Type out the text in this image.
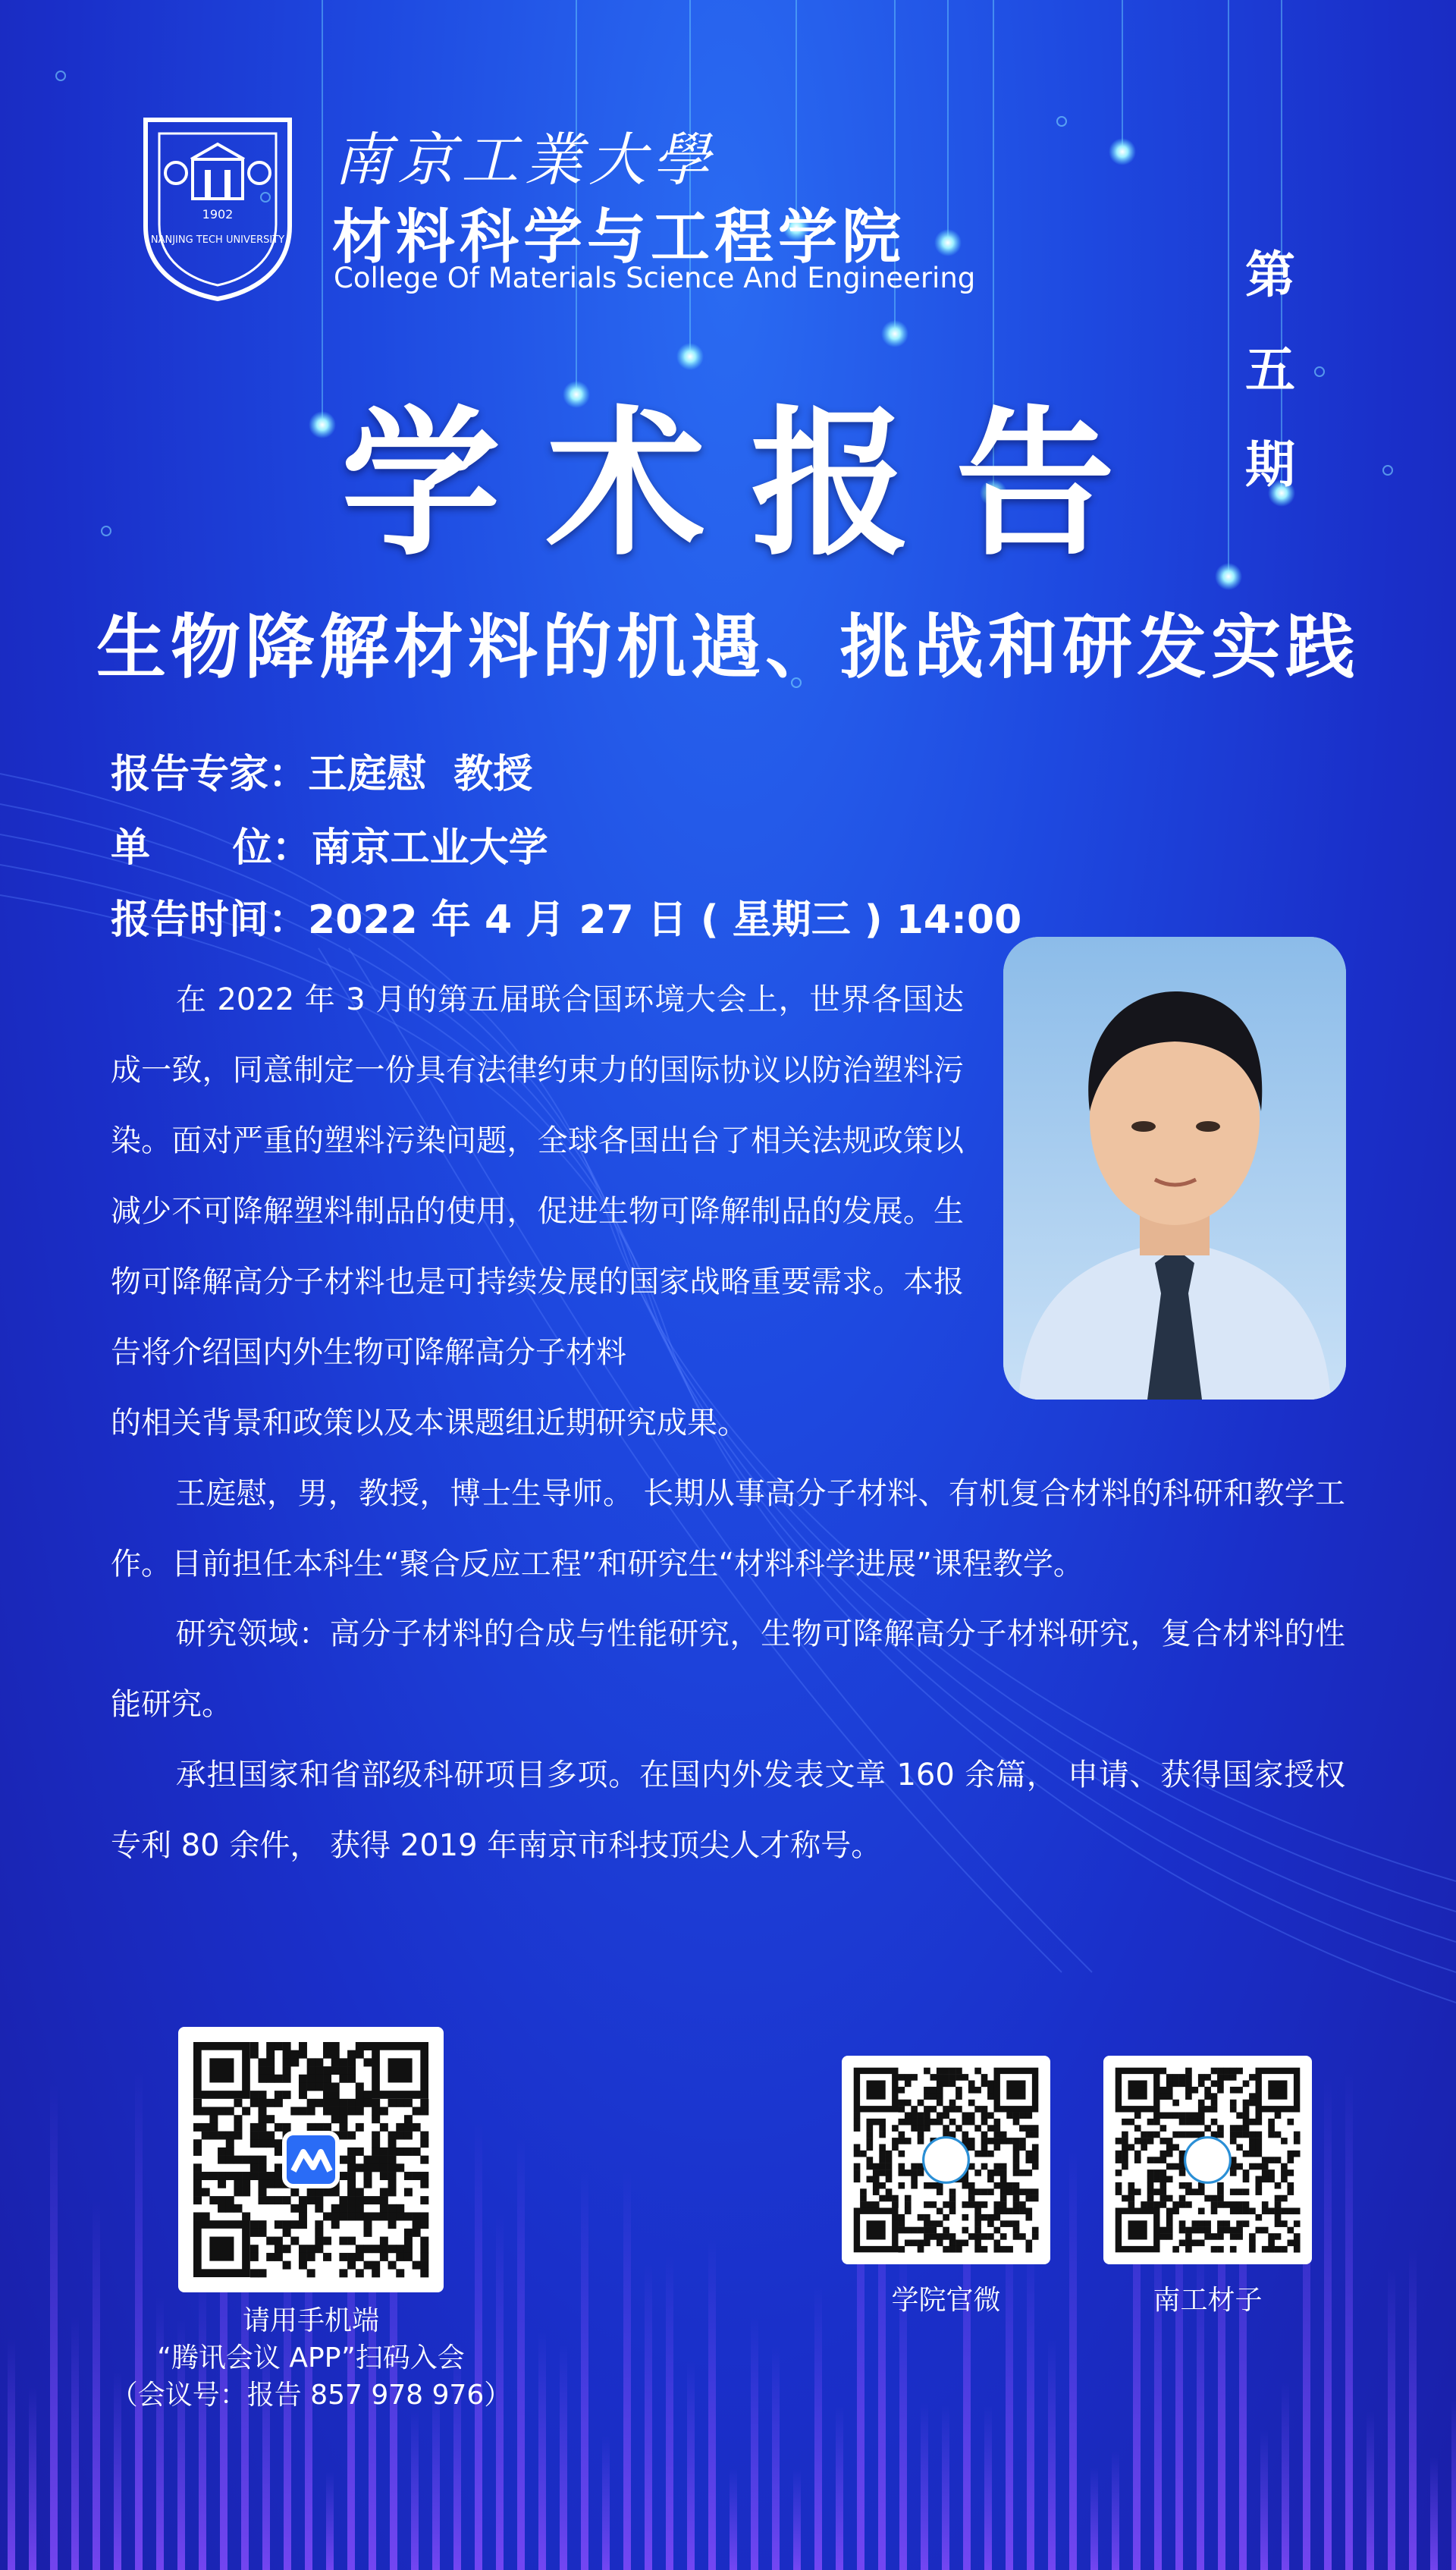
1902
NANJING TECH UNIVERSITY
南京工業大學
材料科学与工程学院
College Of Materials Science And Engineering	第
五
期
学术报告
生物降解材料的机遇、挑战和研发实践
报告专家：王庭慰  教授
单      位：南京工业大学
报告时间：2022 年 4 月 27 日 ( 星期三 ) 14:00
在 2022 年 3 月的第五届联合国环境大会上，世界各国达成一致，同意制定一份具有法律约束力的国际协议以防治塑料污染。面对严重的塑料污染问题，全球各国出台了相关法规政策以减少不可降解塑料制品的使用，促进生物可降解制品的发展。生物可降解高分子材料也是可持续发展的国家战略重要需求。本报告将介绍国内外生物可降解高分子材料
的相关背景和政策以及本课题组近期研究成果。
王庭慰，男，教授，博士生导师。 长期从事高分子材料、有机复合材料的科研和教学工作。目前担任本科生“聚合反应工程”和研究生“材料科学进展”课程教学。
研究领域：高分子材料的合成与性能研究，生物可降解高分子材料研究，复合材料的性能研究。
承担国家和省部级科研项目多项。在国内外发表文章 160 余篇， 申请、获得国家授权专利 80 余件， 获得 2019 年南京市科技顶尖人才称号。
请用手机端
“腾讯会议 APP”扫码入会
（会议号：报告 857 978 976）
学院官微	南工材子
